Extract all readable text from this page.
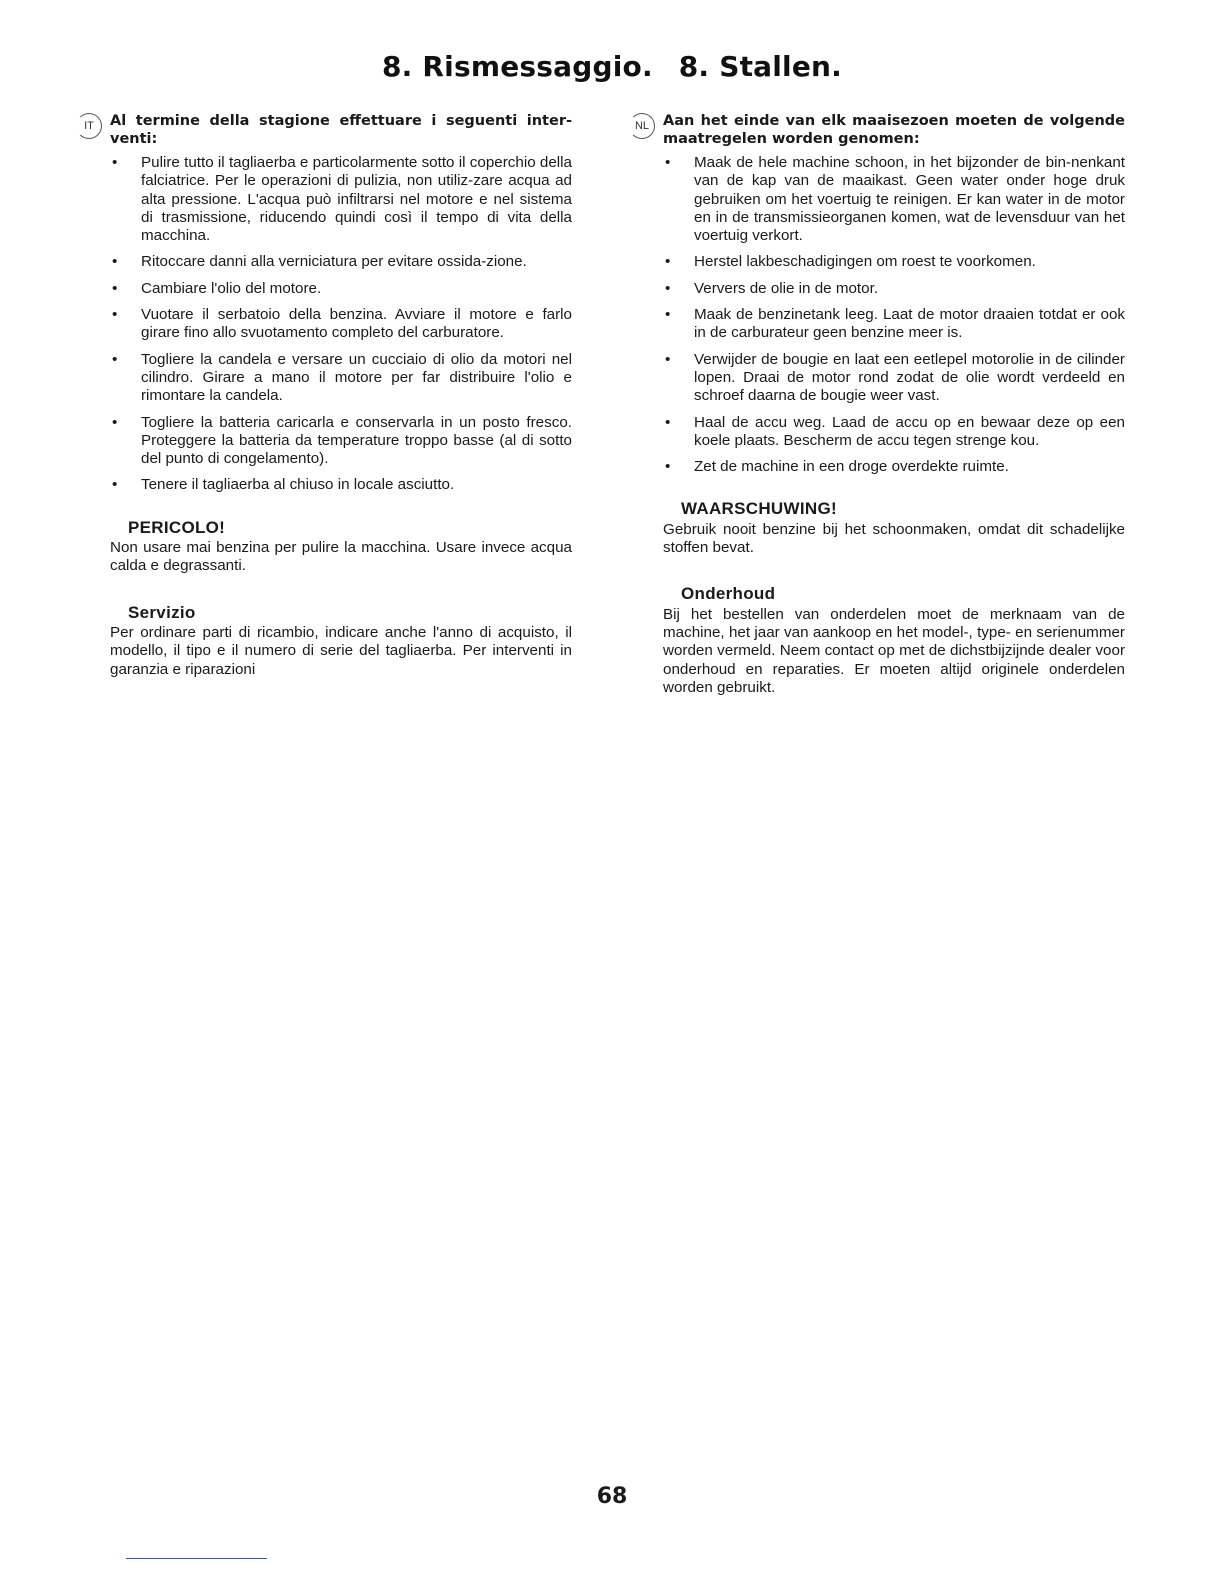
8. Rismessaggio. 8. Stallen.
IT	Al termine della stagione effettuare i seguenti inter-venti:

• Pulire tutto il tagliaerba e particolarmente sotto il coperchio della falciatrice. Per le operazioni di pulizia, non utiliz-zare acqua ad alta pressione. L'acqua può infiltrarsi nel motore e nel sistema di trasmissione, riducendo quindi così il tempo di vita della macchina.
• Ritoccare danni alla verniciatura per evitare ossida-zione.
• Cambiare l'olio del motore.
• Vuotare il serbatoio della benzina. Avviare il motore e farlo girare fino allo svuotamento completo del carburatore.
• Togliere la candela e versare un cucciaio di olio da motori nel cilindro. Girare a mano il motore per far distribuire l'olio e rimontare la candela.
• Togliere la batteria caricarla e conservarla in un posto fresco. Proteggere la batteria da temperature troppo basse (al di sotto del punto di congelamento).
• Tenere il tagliaerba al chiuso in locale asciutto.
PERICOLO!

Non usare mai benzina per pulire la macchina. Usare invece acqua calda e degrassanti.

Servizio

Per ordinare parti di ricambio, indicare anche l'anno di acquisto, il modello, il tipo e il numero di serie del tagliaerba. Per interventi in garanzia e riparazioni

NL Aan het einde van elk maaisezoen moeten de volgende maatregelen worden genomen:

• Maak de hele machine schoon, in het bijzonder de bin-nenkant van de kap van de maaikast. Geen water onder hoge druk gebruiken om het voertuig te reinigen. Er kan water in de motor en in de transmissieorganen komen, wat de levensduur van het voertuig verkort.
• Herstel lakbeschadigingen om roest te voorkomen.
• Ververs de olie in de motor.
• Maak de benzinetank leeg. Laat de motor draaien totdat er ook in de carburateur geen benzine meer is.
• Verwijder de bougie en laat een eetlepel motorolie in de cilinder lopen. Draai de motor rond zodat de olie wordt verdeeld en schroef daarna de bougie weer vast.
• Haal de accu weg. Laad de accu op en bewaar deze op een koele plaats. Bescherm de accu tegen strenge kou.
• Zet de machine in een droge overdekte ruimte.
WAARSCHUWING!

Gebruik nooit benzine bij het schoonmaken, omdat dit schadelijke stoffen bevat.

Onderhoud

Bij het bestellen van onderdelen moet de merknaam van de machine, het jaar van aankoop en het model-, type- en serienummer worden vermeld. Neem contact op met de dichstbijzijnde dealer voor onderhoud en reparaties. Er moeten altijd originele onderdelen worden gebruikt.

68
